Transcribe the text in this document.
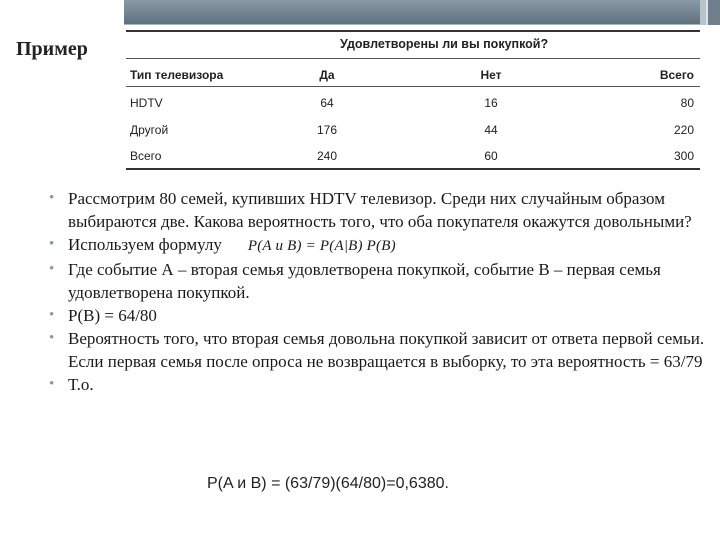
Пример	Удовлетворены ли вы покупкой?
Тип телевизора	Да	Нет	Всего
HDTV	64	16	80
Другой	176	44	220
Всего	240	60	300
• Рассмотрим 80 семей, купивших HDTV телевизор. Среди них случайным образом выбираются две. Какова вероятность того, что оба покупателя окажутся довольными?
• Используем формулу P(A и B) = P(A|B) P(B)
• Где событие А – вторая семья удовлетворена покупкой, событие В – первая семья удовлетворена покупкой.
• P(B) = 64/80
• Вероятность того, что вторая семья довольна покупкой зависит от ответа первой семьи. Если первая семья после опроса не возвращается в выборку, то эта вероятность = 63/79
• Т.о.
P(A и B) = (63/79)(64/80)=0,6380.
